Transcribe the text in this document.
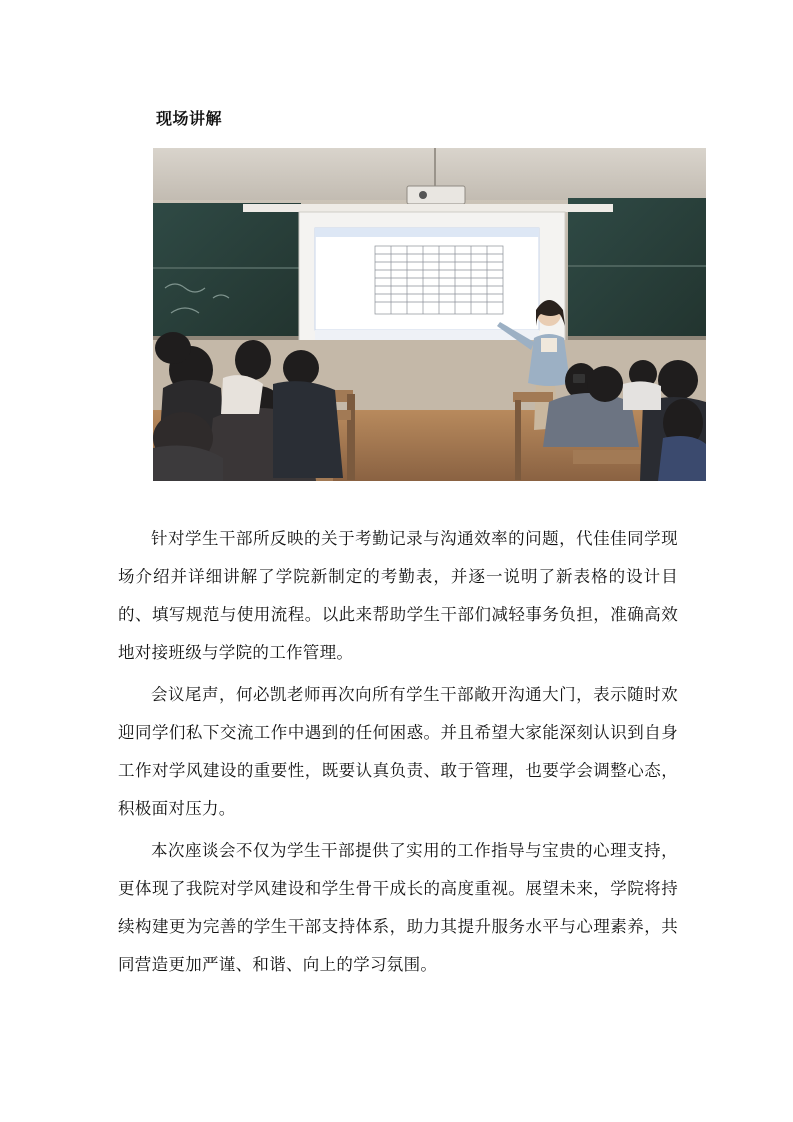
现场讲解

针对学生干部所反映的关于考勤记录与沟通效率的问题，代佳佳同学现场介绍并详细讲解了学院新制定的考勤表，并逐一说明了新表格的设计目的、填写规范与使用流程。以此来帮助学生干部们减轻事务负担，准确高效地对接班级与学院的工作管理。

会议尾声，何必凯老师再次向所有学生干部敞开沟通大门，表示随时欢迎同学们私下交流工作中遇到的任何困惑。并且希望大家能深刻认识到自身工作对学风建设的重要性，既要认真负责、敢于管理，也要学会调整心态，积极面对压力。

本次座谈会不仅为学生干部提供了实用的工作指导与宝贵的心理支持，更体现了我院对学风建设和学生骨干成长的高度重视。展望未来，学院将持续构建更为完善的学生干部支持体系，助力其提升服务水平与心理素养，共同营造更加严谨、和谐、向上的学习氛围。
